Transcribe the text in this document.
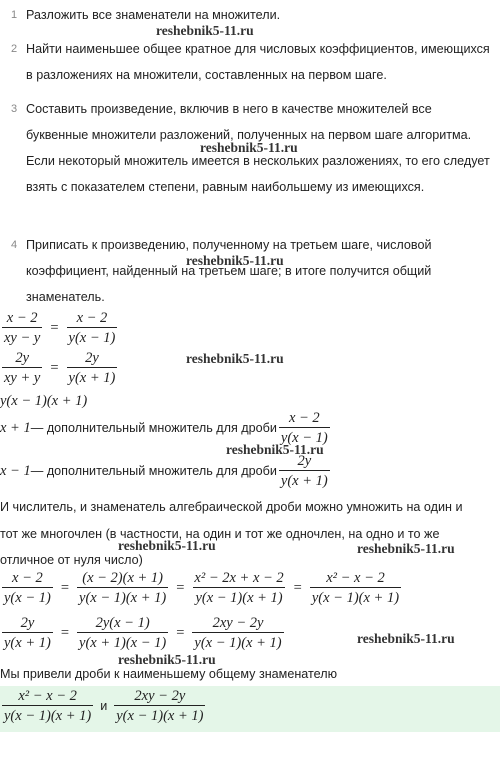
1 Разложить все знаменатели на множители.
2 Найти наименьшее общее кратное для числовых коэффициентов, имеющихся в разложениях на множители, составленных на первом шаге.
3 Составить произведение, включив в него в качестве множителей все буквенные множители разложений, полученных на первом шаге алгоритма. Если некоторый множитель имеется в нескольких разложениях, то его следует взять с показателем степени, равным наибольшему из имеющихся.
4 Приписать к произведению, полученному на третьем шаге, числовой коэффициент, найденный на третьем шаге; в итоге получится общий знаменатель.
$\frac{x - 2}{xy - y} = \frac{x - 2}{y(x - 1)}$
$\frac{2y}{xy + y} = \frac{2y}{y(x + 1)}$
y(x − 1)(x + 1)
x + 1 — дополнительный множитель для дроби $\frac{x - 2}{y(x - 1)}$
x − 1 — дополнительный множитель для дроби $\frac{2y}{y(x + 1)}$
И числитель, и знаменатель алгебраической дроби можно умножить на один и
тот же многочлен (в частности, на один и тот же одночлен, на одно и то же
отличное от нуля число)
$\frac{x - 2}{y(x - 1)} = \frac{(x - 2)(x + 1)}{y(x - 1)(x + 1)} = \frac{\text{x² − 2x + x − 2}}{y(x - 1)(x + 1)} = \frac{\text{x² − x − 2}}{y(x - 1)(x + 1)}$
$\frac{2y}{y(x + 1)} = \frac{2y(x - 1)}{y(x + 1)(x - 1)} = \frac{2xy - 2y}{y(x - 1)(x + 1)}$
Мы привели дроби к наименьшему общему знаменателю
$\frac{\text{x² − x − 2}}{y(x - 1)(x + 1)}$ и $\frac{2xy - 2y}{y(x - 1)(x + 1)}$
reshebnik5-11.ru
reshebnik5-11.ru
reshebnik5-11.ru
reshebnik5-11.ru
reshebnik5-11.ru
reshebnik5-11.ru	reshebnik5-11.ru
reshebnik5-11.ru
reshebnik5-11.ru
